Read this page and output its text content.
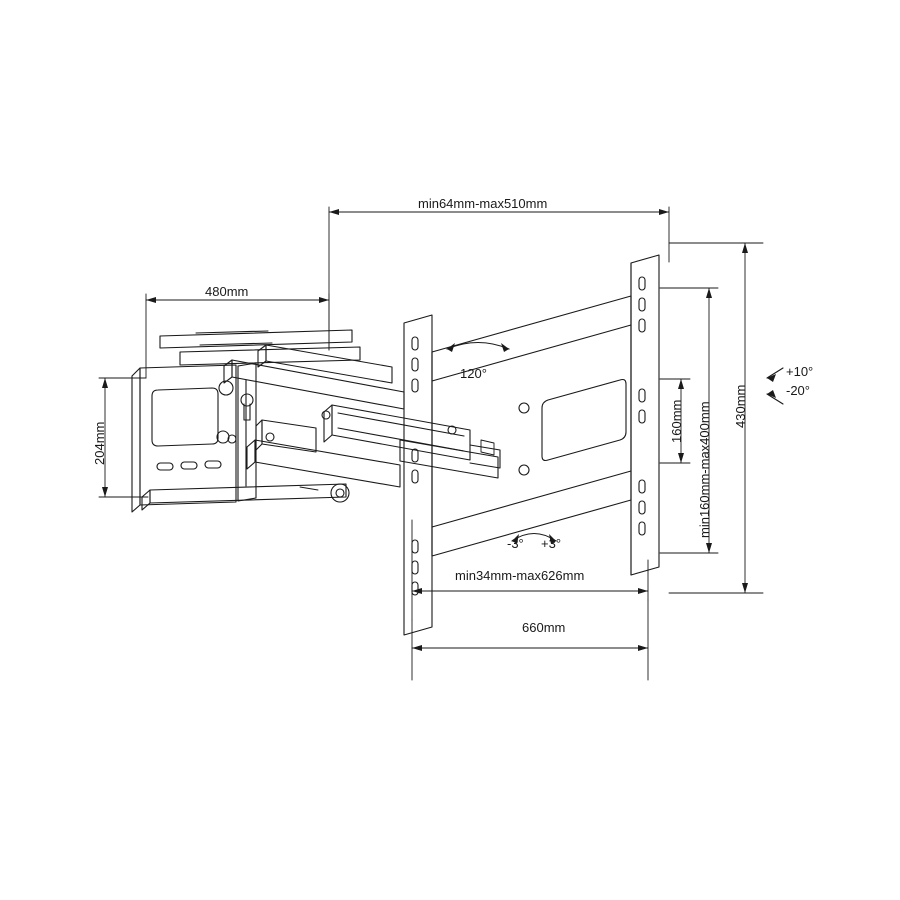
min64mm-max510mm
480mm
204mm
160mm min160mm-max400mm 430mm
min34mm-max626mm
660mm
120°
-3° +3°
+10°
-20°
